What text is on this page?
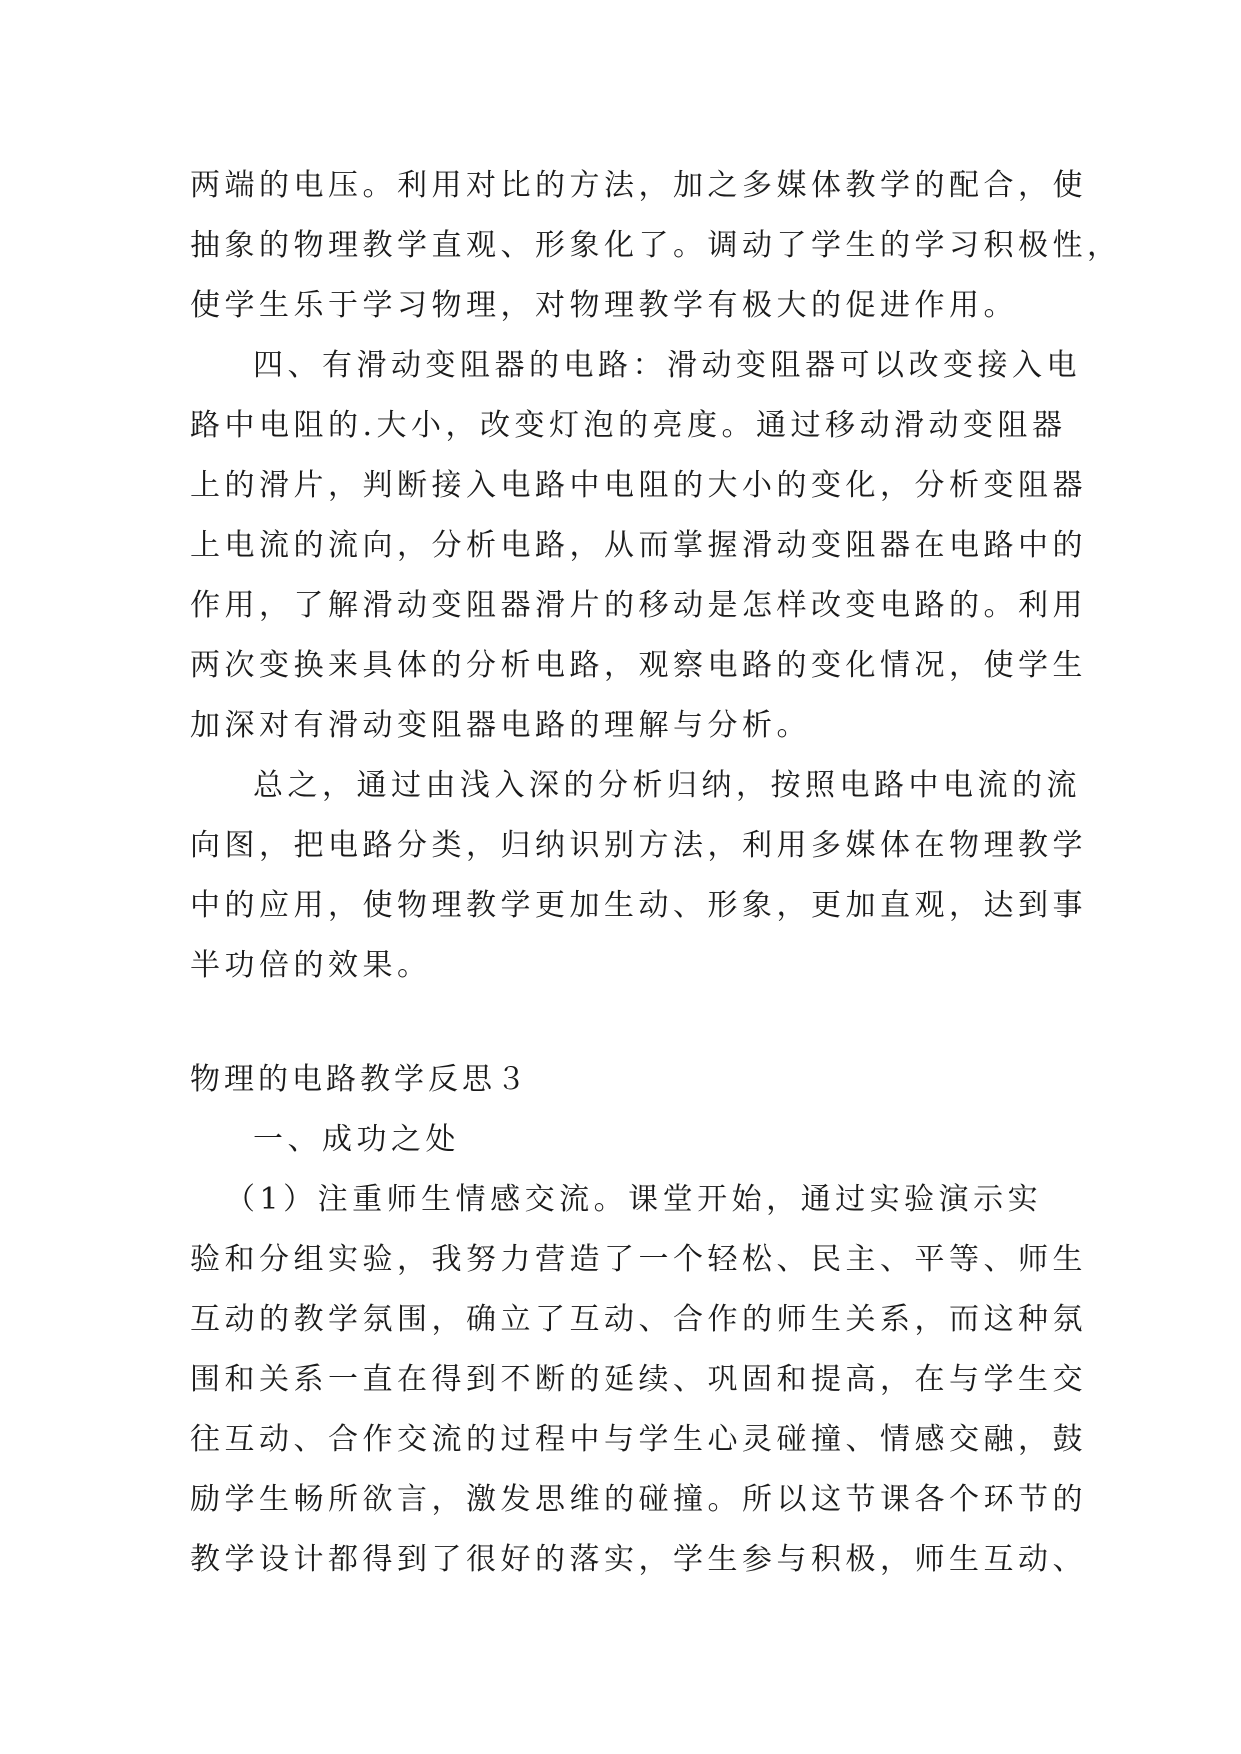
两端的电压。利用对比的方法，加之多媒体教学的配合，使
抽象的物理教学直观、形象化了。调动了学生的学习积极性，
使学生乐于学习物理，对物理教学有极大的促进作用。
四、有滑动变阻器的电路：滑动变阻器可以改变接入电
路中电阻的.大小，改变灯泡的亮度。通过移动滑动变阻器
上的滑片，判断接入电路中电阻的大小的变化，分析变阻器
上电流的流向，分析电路，从而掌握滑动变阻器在电路中的
作用，了解滑动变阻器滑片的移动是怎样改变电路的。利用
两次变换来具体的分析电路，观察电路的变化情况，使学生
加深对有滑动变阻器电路的理解与分析。
总之，通过由浅入深的分析归纳，按照电路中电流的流
向图，把电路分类，归纳识别方法，利用多媒体在物理教学
中的应用，使物理教学更加生动、形象，更加直观，达到事
半功倍的效果。
物理的电路教学反思３
一、成功之处
（1）注重师生情感交流。课堂开始，通过实验演示实
验和分组实验，我努力营造了一个轻松、民主、平等、师生
互动的教学氛围，确立了互动、合作的师生关系，而这种氛
围和关系一直在得到不断的延续、巩固和提高，在与学生交
往互动、合作交流的过程中与学生心灵碰撞、情感交融，鼓
励学生畅所欲言，激发思维的碰撞。所以这节课各个环节的
教学设计都得到了很好的落实，学生参与积极，师生互动、
